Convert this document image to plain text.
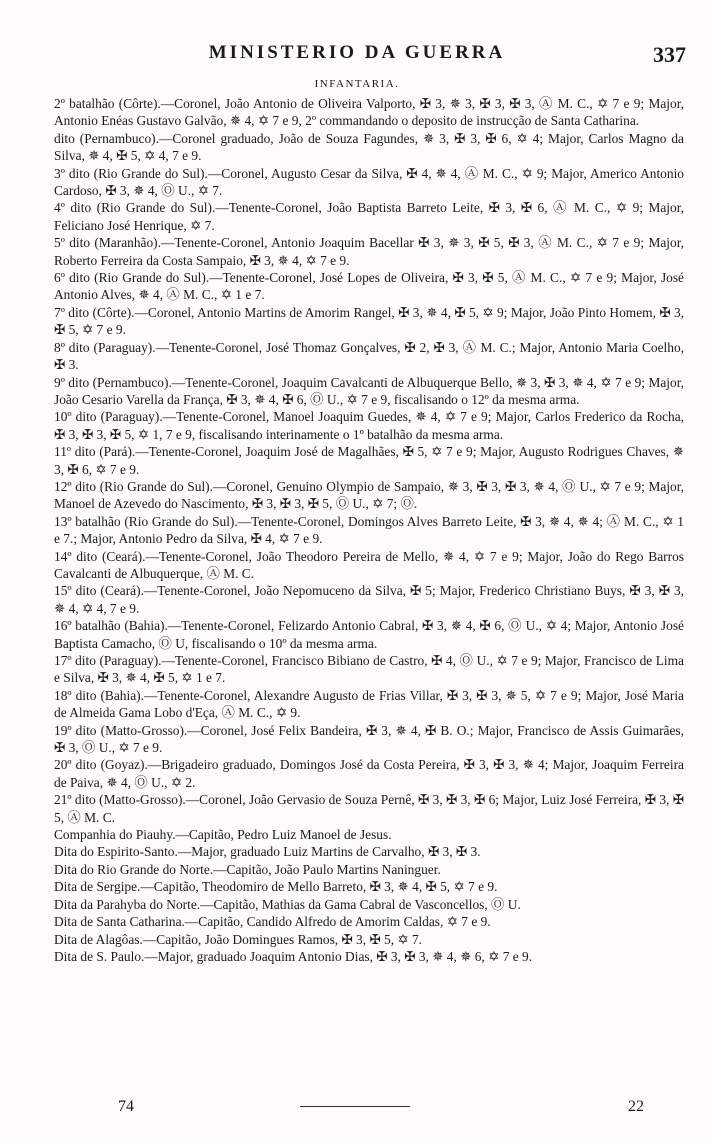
MINISTERIO DA GUERRA	337
INFANTARIA.

2º batalhão (Côrte).—Coronel, João Antonio de Oliveira Valporto, ✠ 3, ✵ 3, ✠ 3, ✠ 3, Ⓐ M. C., ✡ 7 e 9; Major, Antonio Enéas Gustavo Galvão, ✵ 4, ✡ 7 e 9, 2º commandando o deposito de instrucção de Santa Catharina.

dito (Pernambuco).—Coronel graduado, João de Souza Fagundes, ✵ 3, ✠ 3, ✠ 6, ✡ 4; Major, Carlos Magno da Silva, ✵ 4, ✠ 5, ✡ 4, 7 e 9.

3º dito (Rio Grande do Sul).—Coronel, Augusto Cesar da Silva, ✠ 4, ✵ 4, Ⓐ M. C., ✡ 9; Major, Americo Antonio Cardoso, ✠ 3, ✵ 4, Ⓞ U., ✡ 7.

4º dito (Rio Grande do Sul).—Tenente-Coronel, João Baptista Barreto Leite, ✠ 3, ✠ 6, Ⓐ M. C., ✡ 9; Major, Feliciano José Henrique, ✡ 7.

5º dito (Maranhão).—Tenente-Coronel, Antonio Joaquim Bacellar ✠ 3, ✵ 3, ✠ 5, ✠ 3, Ⓐ M. C., ✡ 7 e 9; Major, Roberto Ferreira da Costa Sampaio, ✠ 3, ✵ 4, ✡ 7 e 9.

6º dito (Rio Grande do Sul).—Tenente-Coronel, José Lopes de Oliveira, ✠ 3, ✠ 5, Ⓐ M. C., ✡ 7 e 9; Major, José Antonio Alves, ✵ 4, Ⓐ M. C., ✡ 1 e 7.

7º dito (Côrte).—Coronel, Antonio Martins de Amorim Rangel, ✠ 3, ✵ 4, ✠ 5, ✡ 9; Major, João Pinto Homem, ✠ 3, ✠ 5, ✡ 7 e 9.

8º dito (Paraguay).—Tenente-Coronel, José Thomaz Gonçalves, ✠ 2, ✠ 3, Ⓐ M. C.; Major, Antonio Maria Coelho, ✠ 3.

9º dito (Pernambuco).—Tenente-Coronel, Joaquim Cavalcanti de Albuquerque Bello, ✵ 3, ✠ 3, ✵ 4, ✡ 7 e 9; Major, João Cesario Varella da França, ✠ 3, ✵ 4, ✠ 6, Ⓞ U., ✡ 7 e 9, fiscalisando o 12º da mesma arma.

10º dito (Paraguay).—Tenente-Coronel, Manoel Joaquim Guedes, ✵ 4, ✡ 7 e 9; Major, Carlos Frederico da Rocha, ✠ 3, ✠ 3, ✠ 5, ✡ 1, 7 e 9, fiscalisando interinamente o 1º batalhão da mesma arma.

11º dito (Pará).—Tenente-Coronel, Joaquim José de Magalhães, ✠ 5, ✡ 7 e 9; Major, Augusto Rodrigues Chaves, ✵ 3, ✠ 6, ✡ 7 e 9.

12º dito (Rio Grande do Sul).—Coronel, Genuino Olympio de Sampaio, ✵ 3, ✠ 3, ✠ 3, ✵ 4, Ⓞ U., ✡ 7 e 9; Major, Manoel de Azevedo do Nascimento, ✠ 3, ✠ 3, ✠ 5, Ⓞ U., ✡ 7; Ⓞ.

13º batalhão (Rio Grande do Sul).—Tenente-Coronel, Domingos Alves Barreto Leite, ✠ 3, ✵ 4, ✵ 4; Ⓐ M. C., ✡ 1 e 7.; Major, Antonio Pedro da Silva, ✠ 4, ✡ 7 e 9.

14º dito (Ceará).—Tenente-Coronel, João Theodoro Pereira de Mello, ✵ 4, ✡ 7 e 9; Major, João do Rego Barros Cavalcanti de Albuquerque, Ⓐ M. C.

15º dito (Ceará).—Tenente-Coronel, João Nepomuceno da Silva, ✠ 5; Major, Frederico Christiano Buys, ✠ 3, ✠ 3, ✵ 4, ✡ 4, 7 e 9.

16º batalhão (Bahia).—Tenente-Coronel, Felizardo Antonio Cabral, ✠ 3, ✵ 4, ✠ 6, Ⓞ U., ✡ 4; Major, Antonio José Baptista Camacho, Ⓞ U, fiscalisando o 10º da mesma arma.

17º dito (Paraguay).—Tenente-Coronel, Francisco Bibiano de Castro, ✠ 4, Ⓞ U., ✡ 7 e 9; Major, Francisco de Lima e Silva, ✠ 3, ✵ 4, ✠ 5, ✡ 1 e 7.

18º dito (Bahia).—Tenente-Coronel, Alexandre Augusto de Frias Villar, ✠ 3, ✠ 3, ✵ 5, ✡ 7 e 9; Major, José Maria de Almeida Gama Lobo d'Eça, Ⓐ M. C., ✡ 9.

19º dito (Matto-Grosso).—Coronel, José Felix Bandeira, ✠ 3, ✵ 4, ✠ B. O.; Major, Francisco de Assis Guimarães, ✠ 3, Ⓞ U., ✡ 7 e 9.

20º dito (Goyaz).—Brigadeiro graduado, Domingos José da Costa Pereira, ✠ 3, ✠ 3, ✵ 4; Major, Joaquim Ferreira de Paiva, ✵ 4, Ⓞ U., ✡ 2.

21º dito (Matto-Grosso).—Coronel, João Gervasio de Souza Pernê, ✠ 3, ✠ 3, ✠ 6; Major, Luiz José Ferreira, ✠ 3, ✠ 5, Ⓐ M. C.

Companhia do Piauhy.—Capitão, Pedro Luiz Manoel de Jesus.

Dita do Espirito-Santo.—Major, graduado Luiz Martins de Carvalho, ✠ 3, ✠ 3.

Dita do Rio Grande do Norte.—Capitão, João Paulo Martins Naninguer.

Dita de Sergipe.—Capitão, Theodomiro de Mello Barreto, ✠ 3, ✵ 4, ✠ 5, ✡ 7 e 9.

Dita da Parahyba do Norte.—Capitão, Mathias da Gama Cabral de Vasconcellos, Ⓞ U.

Dita de Santa Catharina.—Capitão, Candido Alfredo de Amorim Caldas, ✡ 7 e 9.

Dita de Alagôas.—Capitão, João Domingues Ramos, ✠ 3, ✠ 5, ✡ 7.

Dita de S. Paulo.—Major, graduado Joaquim Antonio Dias, ✠ 3, ✠ 3, ✵ 4, ✵ 6, ✡ 7 e 9.

74	22
